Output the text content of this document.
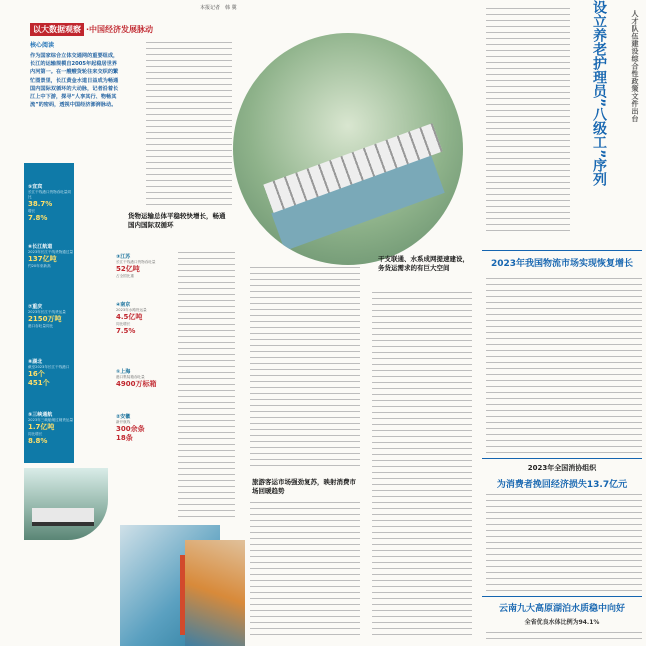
本报记者　韩 冀
以大数据观察 ·中国经济发展脉动
核心阅读
作为国家综合立体交通网的重要组成，长江的运输规模自2005年起稳居世界内河第一。在一艘艘货轮往来交织的繁忙图景里，长江黄金水道日益成为畅通国内国际双循环的大动脉，记者沿着长江上中下游，探寻“人享其行、物畅其流”的密码，透视中国经济澎湃脉动。
⑤宜宾
长江干线港口货物吞吐量同比
38.7%
增长
7.8%
⑥长江航道
2023年长江干线货物通过量
137亿吨
约20年来新高
⑦重庆
2023年长江干线货运量
2150万吨
港口吞吐量同比
⑧湖北
截至2023年长江干线港口
16个
451个
⑨三峡通航
2023年三峡船闸过闸货运量
1.7亿吨
同比增长
8.8%
③江苏
长江干线港口货物吞吐量
52亿吨
占全国比重
④南京
2023年水路货运量
4.5亿吨
同比增长
7.5%
①上海
港口集装箱吞吐量
4900万标箱
②安徽
新开航线
300余条
18条
货物运输总体平稳较快增长，畅通国内国际双循环
旅游客运市场强劲复苏，映射消费市场回暖趋势
干支联通、水系成网提速建设，务货运需求的有巨大空间
设立养老护理员”八级工”序列	人才队伍建设综合性政策文件出台
2023年我国物流市场实现恢复增长
2023年全国消协组织
为消费者挽回经济损失13.7亿元
云南九大高原湖泊水质稳中向好
全省优良水体比例为94.1%
